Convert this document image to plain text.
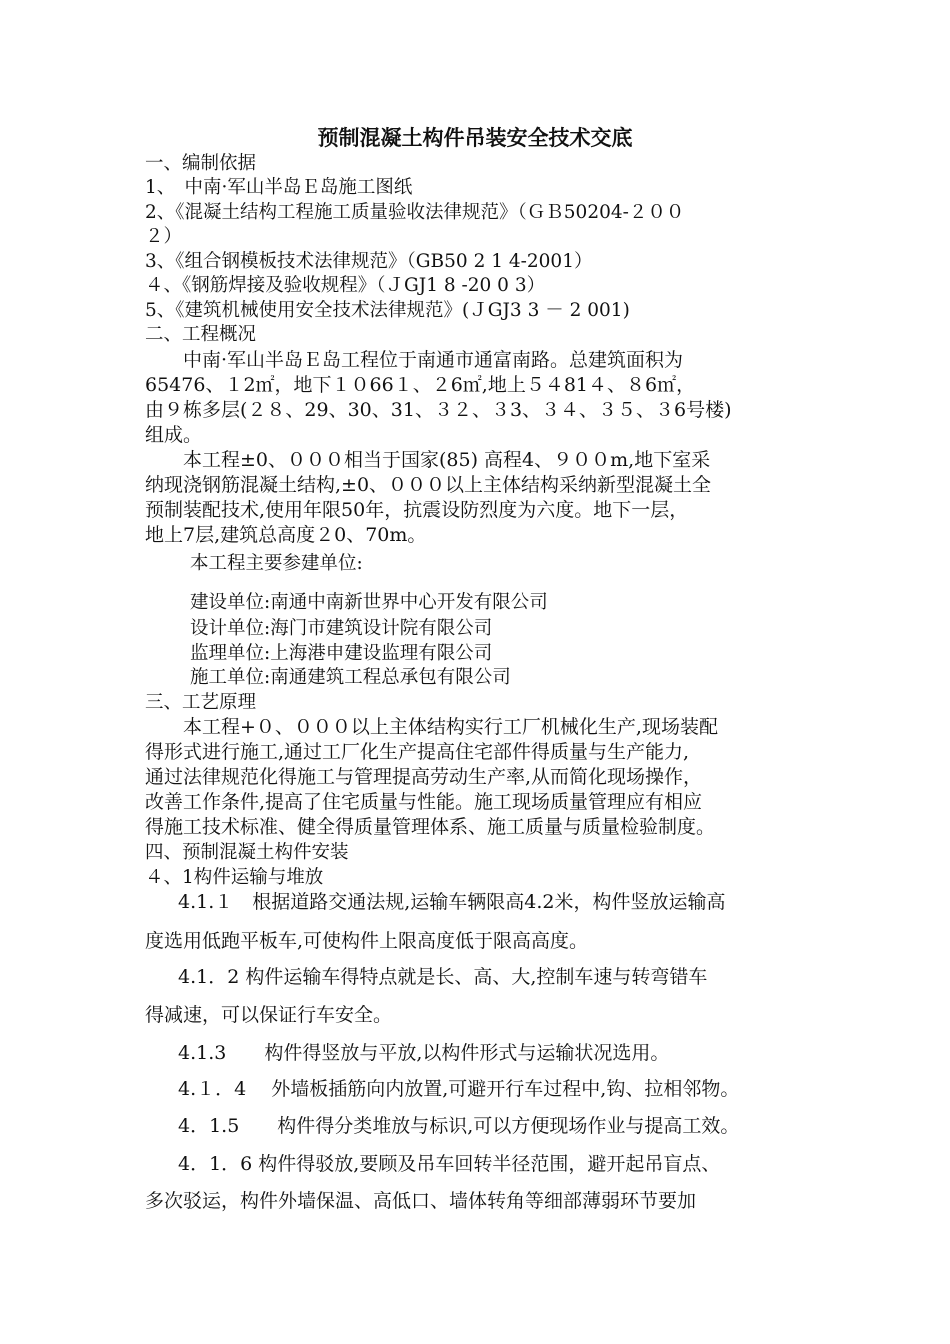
预制混凝土构件吊装安全技术交底
一、编制依据
1、　中南·军山半岛Ｅ岛施工图纸
2、《混凝土结构工程施工质量验收法律规范》（ＧＢ50204-２００
２）
3、《组合钢模板技术法律规范》（GB50 2 1 4-2001）
４、《钢筋焊接及验收规程》（ＪGJ1 8 -20 0 3）
5、《建筑机械使用安全技术法律规范》(ＪGJ3 3 － 2 001)
二、工程概况
中南·军山半岛Ｅ岛工程位于南通市通富南路。总建筑面积为
65476、１2㎡，地下１０66１、２6㎡,地上５４81４、８6㎡，
由９栋多层(２８、29、30、31、３２、３3、３４、３５、３6号楼)
组成。
本工程±0、０００相当于国家(85) 高程4、９００m,地下室采
纳现浇钢筋混凝土结构,±0、０００以上主体结构采纳新型混凝土全
预制装配技术,使用年限50年，抗震设防烈度为六度。地下一层，
地上7层,建筑总高度２0、70m。
本工程主要参建单位:
建设单位:南通中南新世界中心开发有限公司
设计单位:海门市建筑设计院有限公司
监理单位:上海港申建设监理有限公司
施工单位:南通建筑工程总承包有限公司
三、工艺原理
本工程+０、０００以上主体结构实行工厂机械化生产,现场装配
得形式进行施工,通过工厂化生产提高住宅部件得质量与生产能力,
通过法律规范化得施工与管理提高劳动生产率,从而简化现场操作，
改善工作条件,提高了住宅质量与性能。施工现场质量管理应有相应
得施工技术标准、健全得质量管理体系、施工质量与质量检验制度。
四、预制混凝土构件安装
４、1构件运输与堆放
4.1.１　根据道路交通法规,运输车辆限高4.2米，构件竖放运输高
度选用低跑平板车,可使构件上限高度低于限高高度。
4.1．2 构件运输车得特点就是长、高、大,控制车速与转弯错车
得减速，可以保证行车安全。
4.1.3　　构件得竖放与平放,以构件形式与运输状况选用。
4.１．4　 外墙板插筋向内放置,可避开行车过程中,钩、拉相邻物。
4．1.5　　构件得分类堆放与标识,可以方便现场作业与提高工效。
4．1．6 构件得驳放,要顾及吊车回转半径范围，避开起吊盲点、
多次驳运，构件外墙保温、高低口、墙体转角等细部薄弱环节要加
